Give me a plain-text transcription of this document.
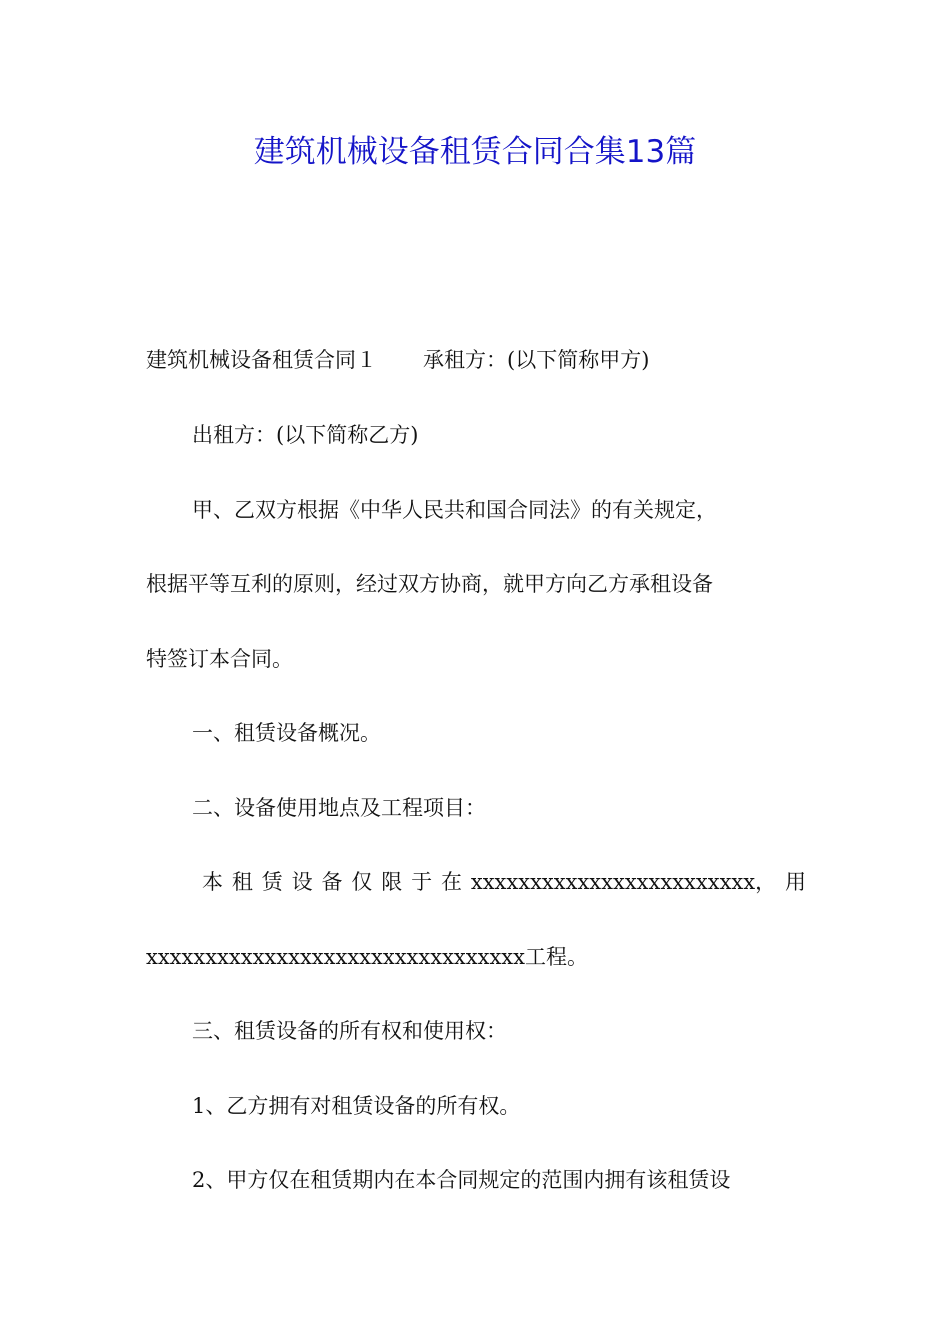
建筑机械设备租赁合同合集13篇
建筑机械设备租赁合同１ 承租方：(以下简称甲方)
出租方：(以下简称乙方)
甲、乙双方根据《中华人民共和国合同法》的有关规定，
根据平等互利的原则，经过双方协商，就甲方向乙方承租设备
特签订本合同。
一、租赁设备概况。
二、设备使用地点及工程项目：
本 租 赁 设 备 仅 限 于 在 xxxxxxxxxxxxxxxxxxxxxxxx， 用
xxxxxxxxxxxxxxxxxxxxxxxxxxxxxxxx工程。
三、租赁设备的所有权和使用权：
1、乙方拥有对租赁设备的所有权。
2、甲方仅在租赁期内在本合同规定的范围内拥有该租赁设
